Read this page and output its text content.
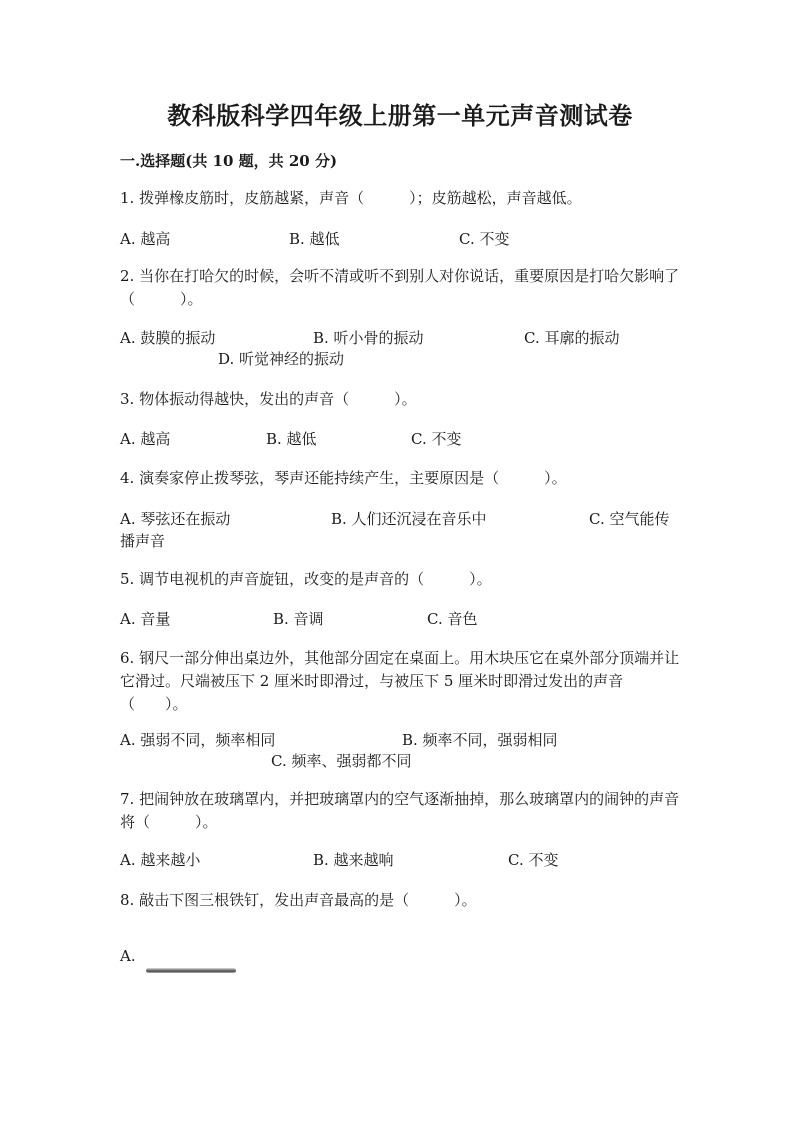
教科版科学四年级上册第一单元声音测试卷
一.选择题(共 10 题，共 20 分)
1. 拨弹橡皮筋时，皮筋越紧，声音（　　　）；皮筋越松，声音越低。
A. 越高	B. 越低	C. 不变
2. 当你在打哈欠的时候，会听不清或听不到别人对你说话，重要原因是打哈欠影响了（　　　）。
A. 鼓膜的振动	B. 听小骨的振动	C. 耳廓的振动
D. 听觉神经的振动
3. 物体振动得越快，发出的声音（　　　）。
A. 越高	B. 越低	C. 不变
4. 演奏家停止拨琴弦，琴声还能持续产生，主要原因是（　　　）。
A. 琴弦还在振动	B. 人们还沉浸在音乐中	C. 空气能传播声音
5. 调节电视机的声音旋钮，改变的是声音的（　　　）。
A. 音量	B. 音调	C. 音色
6. 钢尺一部分伸出桌边外，其他部分固定在桌面上。用木块压它在桌外部分顶端并让它滑过。尺端被压下 2 厘米时即滑过，与被压下 5 厘米时即滑过发出的声音（　　）。
A. 强弱不同，频率相同	B. 频率不同，强弱相同
C. 频率、强弱都不同
7. 把闹钟放在玻璃罩内，并把玻璃罩内的空气逐渐抽掉，那么玻璃罩内的闹钟的声音将（　　　）。
A. 越来越小	B. 越来越响	C. 不变
8. 敲击下图三根铁钉，发出声音最高的是（　　　）。
A.
